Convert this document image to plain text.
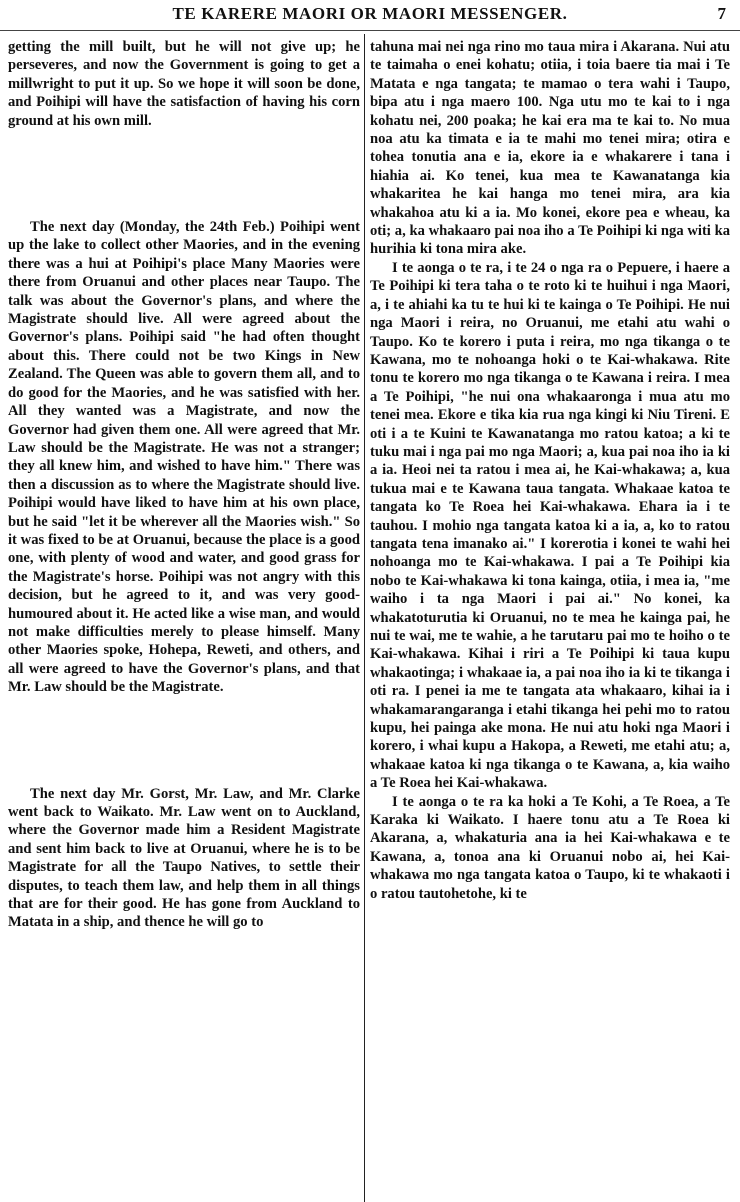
TE KARERE MAORI OR MAORI MESSENGER.	7

getting the mill built, but he will not give up; he perseveres, and now the Government is going to get a millwright to put it up. So we hope it will soon be done, and Poihipi will have the satisfaction of having his corn ground at his own mill.

The next day (Monday, the 24th Feb.) Poihipi went up the lake to collect other Maories, and in the evening there was a hui at Poihipi's place Many Maories were there from Oruanui and other places near Taupo. The talk was about the Governor's plans, and where the Magistrate should live. All were agreed about the Governor's plans. Poihipi said "he had often thought about this. There could not be two Kings in New Zealand. The Queen was able to govern them all, and to do good for the Maories, and he was satisfied with her. All they wanted was a Magistrate, and now the Governor had given them one. All were agreed that Mr. Law should be the Magistrate. He was not a stranger; they all knew him, and wished to have him." There was then a discussion as to where the Magistrate should live. Poihipi would have liked to have him at his own place, but he said "let it be wherever all the Maories wish." So it was fixed to be at Oruanui, because the place is a good one, with plenty of wood and water, and good grass for the Magistrate's horse. Poihipi was not angry with this decision, but he agreed to it, and was very good-humoured about it. He acted like a wise man, and would not make difficulties merely to please himself. Many other Maories spoke, Hohepa, Reweti, and others, and all were agreed to have the Governor's plans, and that Mr. Law should be the Magistrate.

The next day Mr. Gorst, Mr. Law, and Mr. Clarke went back to Waikato. Mr. Law went on to Auckland, where the Governor made him a Resident Magistrate and sent him back to live at Oruanui, where he is to be Magistrate for all the Taupo Natives, to settle their disputes, to teach them law, and help them in all things that are for their good. He has gone from Auckland to Matata in a ship, and thence he will go to

tahuna mai nei nga rino mo taua mira i Akarana. Nui atu te taimaha o enei kohatu; otiia, i toia baere tia mai i Te Matata e nga tangata; te mamao o tera wahi i Taupo, bipa atu i nga maero 100. Nga utu mo te kai to i nga kohatu nei, 200 poaka; he kai era ma te kai to. No mua noa atu ka timata e ia te mahi mo tenei mira; otira e tohea tonutia ana e ia, ekore ia e whakarere i tana i hiahia ai. Ko tenei, kua mea te Kawanatanga kia whakaritea he kai hanga mo tenei mira, ara kia whakahoa atu ki a ia. Mo konei, ekore pea e wheau, ka oti; a, ka whakaaro pai noa iho a Te Poihipi ki nga witi ka hurihia ki tona mira ake.

I te aonga o te ra, i te 24 o nga ra o Pepuere, i haere a Te Poihipi ki tera taha o te roto ki te huihui i nga Maori, a, i te ahiahi ka tu te hui ki te kainga o Te Poihipi. He nui nga Maori i reira, no Oruanui, me etahi atu wahi o Taupo. Ko te korero i puta i reira, mo nga tikanga o te Kawana, mo te nohoanga hoki o te Kai-whakawa. Rite tonu te korero mo nga tikanga o te Kawana i reira. I mea a Te Poihipi, "he nui ona whakaaronga i mua atu mo tenei mea. Ekore e tika kia rua nga kingi ki Niu Tireni. E oti i a te Kuini te Kawanatanga mo ratou katoa; a ki te tuku mai i nga pai mo nga Maori; a, kua pai noa iho ia ki a ia. Heoi nei ta ratou i mea ai, he Kai-whakawa; a, kua tukua mai e te Kawana taua tangata. Whakaae katoa te tangata ko Te Roea hei Kai-whakawa. Ehara ia i te tauhou. I mohio nga tangata katoa ki a ia, a, ko to ratou tangata tena imanako ai." I korerotia i konei te wahi hei nohoanga mo te Kai-whakawa. I pai a Te Poihipi kia nobo te Kai-whakawa ki tona kainga, otiia, i mea ia, "me waiho i ta nga Maori i pai ai." No konei, ka whakatoturutia ki Oruanui, no te mea he kainga pai, he nui te wai, me te wahie, a he tarutaru pai mo te hoiho o te Kai-whakawa. Kihai i riri a Te Poihipi ki taua kupu whakaotinga; i whakaae ia, a pai noa iho ia ki te tikanga i oti ra. I penei ia me te tangata ata whakaaro, kihai ia i whakamarangaranga i etahi tikanga hei pehi mo to ratou kupu, hei painga ake mona. He nui atu hoki nga Maori i korero, i whai kupu a Hakopa, a Reweti, me etahi atu; a, whakaae katoa ki nga tikanga o te Kawana, a, kia waiho a Te Roea hei Kai-whakawa.

I te aonga o te ra ka hoki a Te Kohi, a Te Roea, a Te Karaka ki Waikato. I haere tonu atu a Te Roea ki Akarana, a, whakaturia ana ia hei Kai-whakawa e te Kawana, a, tonoa ana ki Oruanui nobo ai, hei Kai-whakawa mo nga tangata katoa o Taupo, ki te whakaoti i o ratou tautohetohe, ki te
